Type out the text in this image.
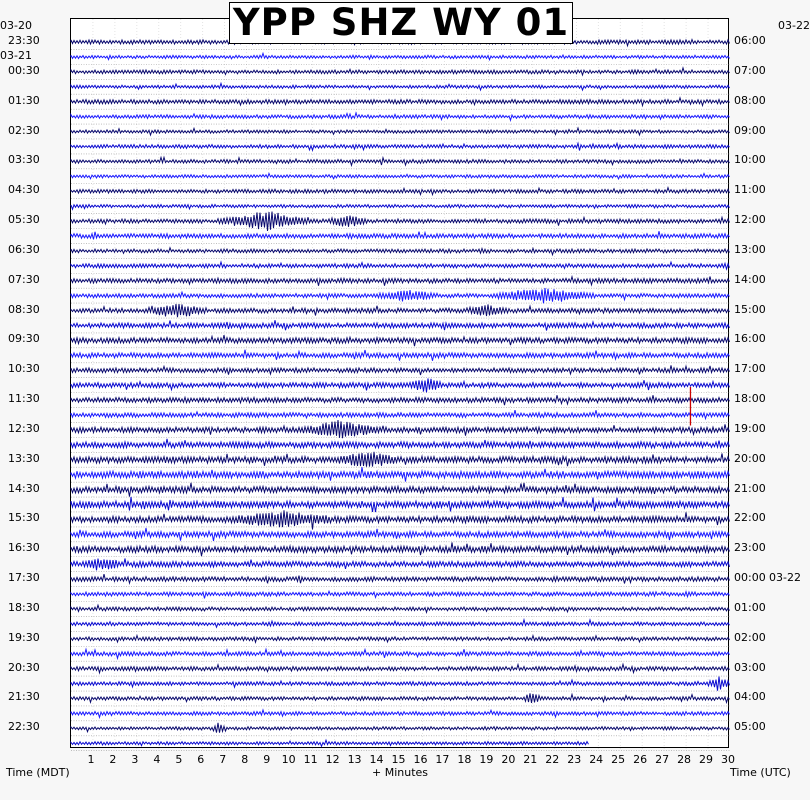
YPP SHZ WY 01
03-20
03-21
03-22
23:30
00:30
01:30
02:30
03:30
04:30
05:30
06:30
07:30
08:30
09:30
10:30
11:30
12:30
13:30
14:30
15:30
16:30
17:30
18:30
19:30
20:30
21:30
22:30
06:00
07:00
08:00
09:00
10:00
11:00
12:00
13:00
14:00
15:00
16:00
17:00
18:00
19:00
20:00
21:00
22:00
23:00
00:00
01:00
02:00
03:00
04:00
05:00
03-22
1	2	3	4	5	6	7	8	9	10 11 12 13 14 15 16 17 18 19 20 21 22 23 24 25 26 27 28 29 30
Time (MDT)	+ Minutes	Time (UTC)
